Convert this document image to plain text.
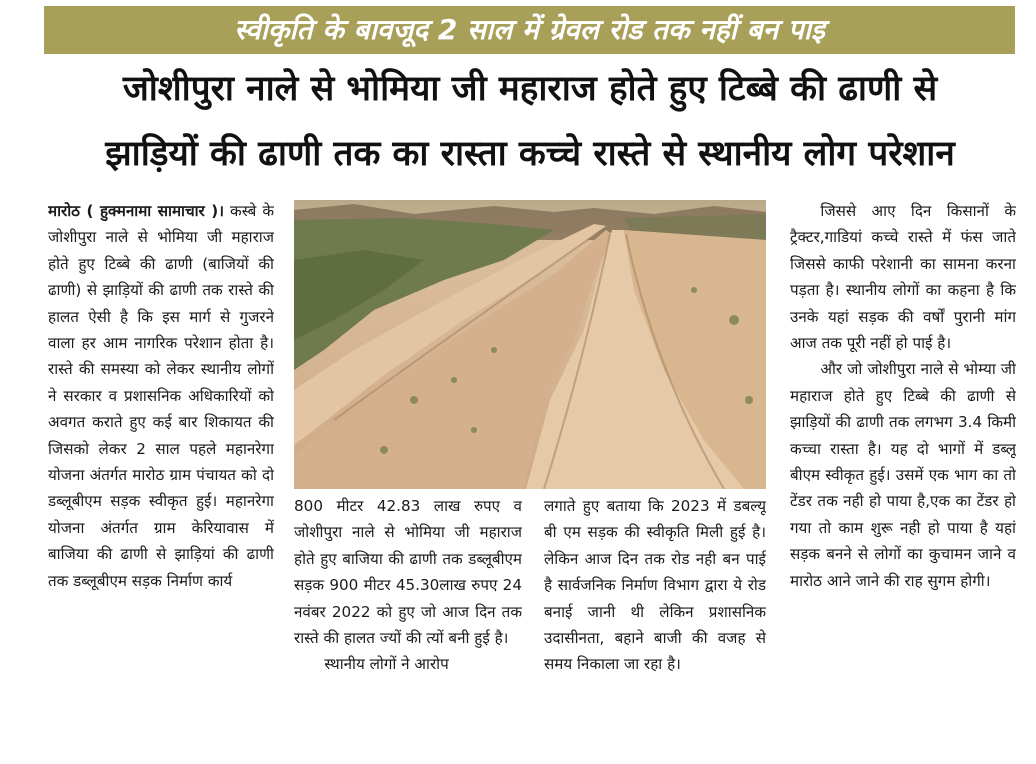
स्वीकृति के बावजूद 2 साल में ग्रेवल रोड तक नहीं बन पाइ
जोशीपुरा नाले से भोमिया जी महाराज होते हुए टिब्बे की ढाणी से
झाड़ियों की ढाणी तक का रास्ता कच्चे रास्ते से स्थानीय लोग परेशान

मारोठ ( हुक्मनामा सामाचार )। कस्बे के जोशीपुरा नाले से भोमिया जी महाराज होते हुए टिब्बे की ढाणी (बाजियों की ढाणी) से झाड़ियों की ढाणी तक रास्ते की हालत ऐसी है कि इस मार्ग से गुजरने वाला हर आम नागरिक परेशान होता है। रास्ते की समस्या को लेकर स्थानीय लोगों ने सरकार व प्रशासनिक अधिकारियों को अवगत कराते हुए कई बार शिकायत की जिसको लेकर 2 साल पहले महानरेगा योजना अंतर्गत मारोठ ग्राम पंचायत को दो डब्लूबीएम सड़क स्वीकृत हुई। महानरेगा योजना अंतर्गत ग्राम केरियावास में बाजिया की ढाणी से झाड़ियां की ढाणी तक डब्लूबीएम सड़क निर्माण कार्य

800 मीटर 42.83 लाख रुपए व जोशीपुरा नाले से भोमिया जी महाराज होते हुए बाजिया की ढाणी तक डब्लूबीएम सड़क 900 मीटर 45.30लाख रुपए 24 नवंबर 2022 को हुए जो आज दिन तक रास्ते की हालत ज्यों की त्यों बनी हुई है।

स्थानीय लोगों ने आरोप

लगाते हुए बताया कि 2023 में डबल्यू बी एम सड़क की स्वीकृति मिली हुई है। लेकिन आज दिन तक रोड नही बन पाई है सार्वजनिक निर्माण विभाग द्वारा ये रोड बनाई जानी थी लेकिन प्रशासनिक उदासीनता, बहाने बाजी की वजह से समय निकाला जा रहा है।

जिससे आए दिन किसानों के ट्रैक्टर,गाडियां कच्चे रास्ते में फंस जाते जिससे काफी परेशानी का सामना करना पड़ता है। स्थानीय लोगों का कहना है कि उनके यहां सड़क की वर्षों पुरानी मांग आज तक पूरी नहीं हो पाई है।

और जो जोशीपुरा नाले से भोम्या जी महाराज होते हुए टिब्बे की ढाणी से झाड़ियों की ढाणी तक लगभग 3.4 किमी कच्चा रास्ता है। यह दो भागों में डब्लू बीएम स्वीकृत हुई। उसमें एक भाग का तो टेंडर तक नही हो पाया है,एक का टेंडर हो गया तो काम शुरू नही हो पाया है यहां सड़क बनने से लोगों का कुचामन जाने व मारोठ आने जाने की राह सुगम होगी।
